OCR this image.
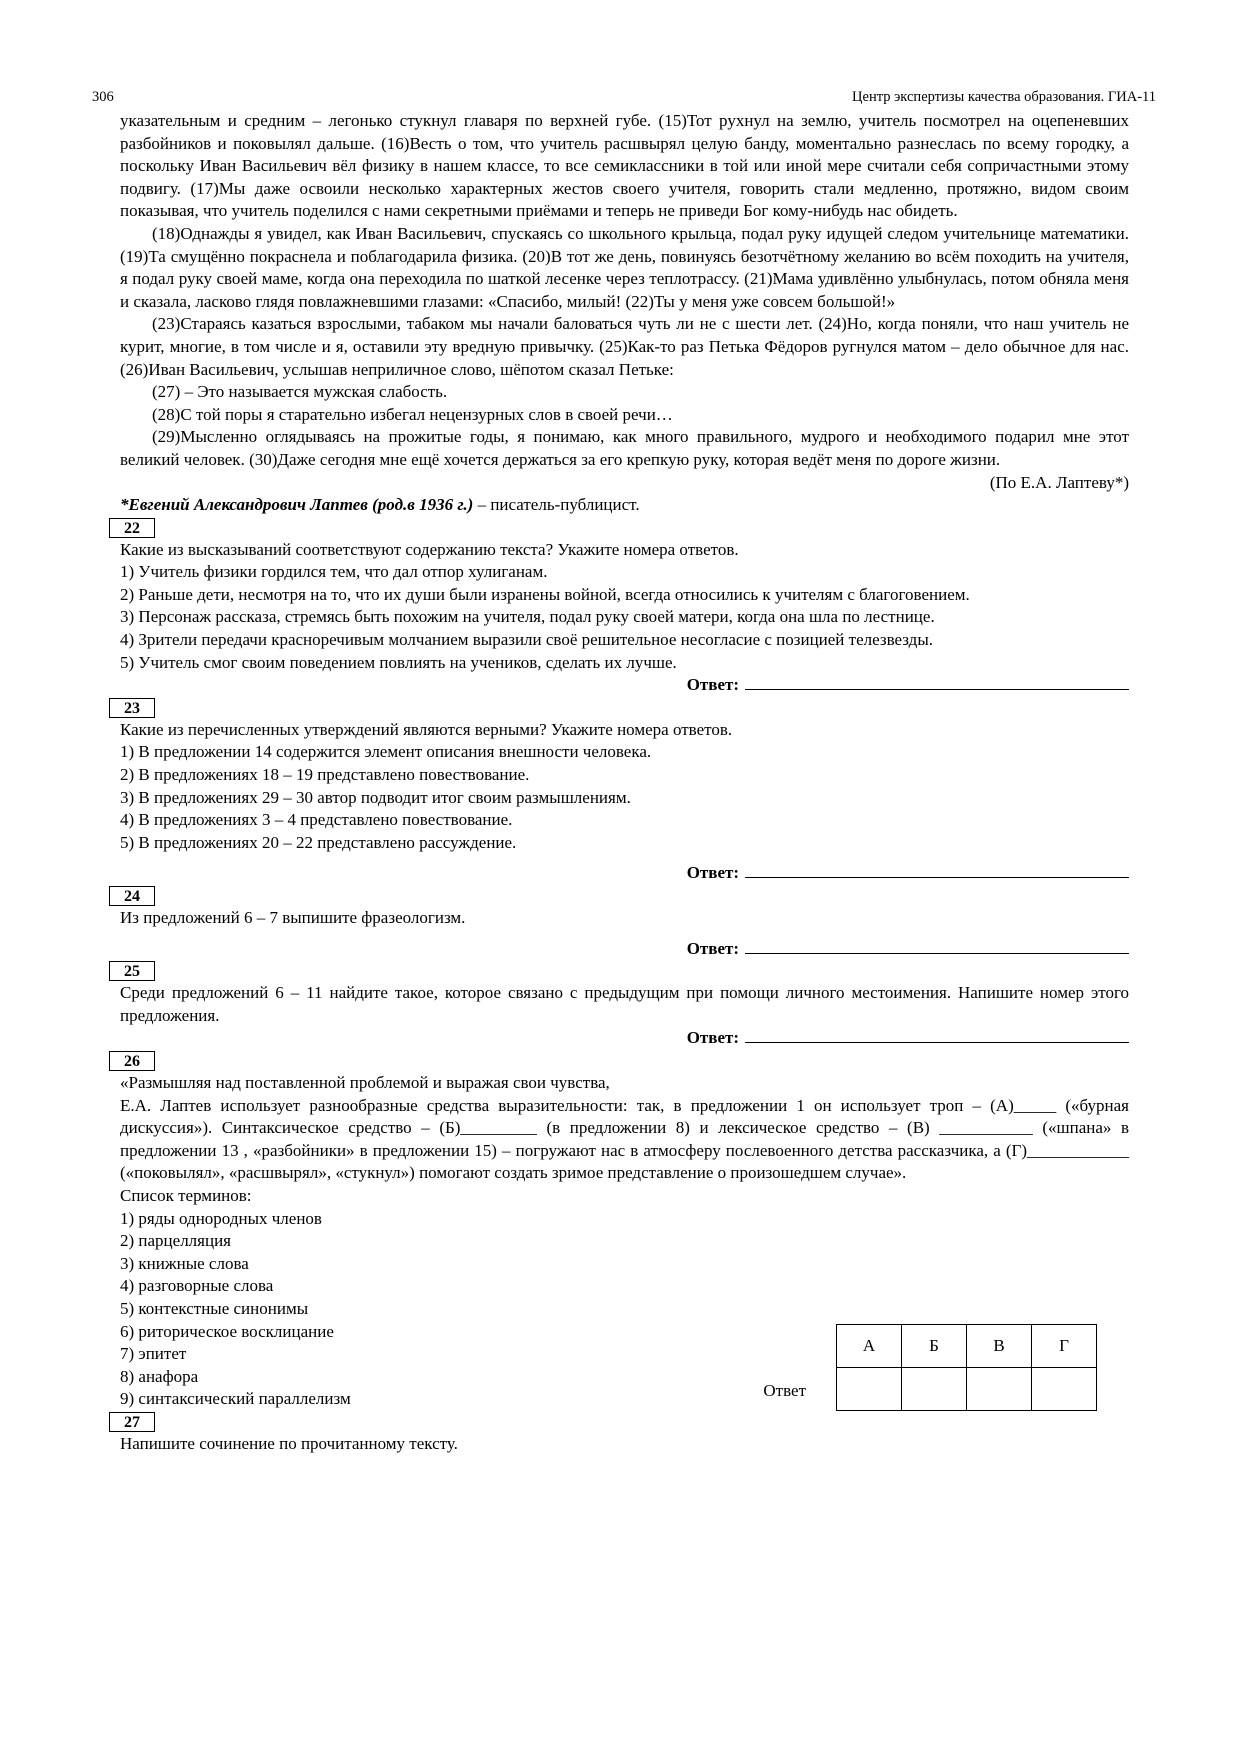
306	Центр экспертизы качества образования. ГИА-11

указательным и средним – легонько стукнул главаря по верхней губе. (15)Тот рухнул на землю, учитель посмотрел на оцепеневших разбойников и поковылял дальше. (16)Весть о том, что учитель расшвырял целую банду, моментально разнеслась по всему городку, а поскольку Иван Васильевич вёл физику в нашем классе, то все семиклассники в той или иной мере считали себя сопричастными этому подвигу. (17)Мы даже освоили несколько характерных жестов своего учителя, говорить стали медленно, протяжно, видом своим показывая, что учитель поделился с нами секретными приёмами и теперь не приведи Бог кому-нибудь нас обидеть.

(18)Однажды я увидел, как Иван Васильевич, спускаясь со школьного крыльца, подал руку идущей следом учительнице математики. (19)Та смущённо покраснела и поблагодарила физика. (20)В тот же день, повинуясь безотчётному желанию во всём походить на учителя, я подал руку своей маме, когда она переходила по шаткой лесенке через теплотрассу. (21)Мама удивлённо улыбнулась, потом обняла меня и сказала, ласково глядя повлажневшими глазами: «Спасибо, милый! (22)Ты у меня уже совсем большой!»

(23)Стараясь казаться взрослыми, табаком мы начали баловаться чуть ли не с шести лет. (24)Но, когда поняли, что наш учитель не курит, многие, в том числе и я, оставили эту вредную привычку. (25)Как-то раз Петька Фёдоров ругнулся матом – дело обычное для нас. (26)Иван Васильевич, услышав неприличное слово, шёпотом сказал Петьке:

(27) – Это называется мужская слабость.

(28)С той поры я старательно избегал нецензурных слов в своей речи…

(29)Мысленно оглядываясь на прожитые годы, я понимаю, как много правильного, мудрого и необходимого подарил мне этот великий человек. (30)Даже сегодня мне ещё хочется держаться за его крепкую руку, которая ведёт меня по дороге жизни.

(По Е.А. Лаптеву*)

*Евгений Александрович Лаптев (род.в 1936 г.) – писатель-публицист.

22

Какие из высказываний соответствуют содержанию текста? Укажите номера ответов.

1) Учитель физики гордился тем, что дал отпор хулиганам.

2) Раньше дети, несмотря на то, что их души были изранены войной, всегда относились к учителям с благоговением.

3) Персонаж рассказа, стремясь быть похожим на учителя, подал руку своей матери, когда она шла по лестнице.

4) Зрители передачи красноречивым молчанием выразили своё решительное несогласие с позицией телезвезды.

5) Учитель смог своим поведением повлиять на учеников, сделать их лучше.

Ответ:

23

Какие из перечисленных утверждений являются верными? Укажите номера ответов.

1) В предложении 14 содержится элемент описания внешности человека.

2) В предложениях 18 – 19 представлено повествование.

3) В предложениях 29 – 30 автор подводит итог своим размышлениям.

4) В предложениях 3 – 4 представлено повествование.

5) В предложениях 20 – 22 представлено рассуждение.

Ответ:

24

Из предложений 6 – 7 выпишите фразеологизм.

Ответ:

25

Среди предложений 6 – 11 найдите такое, которое связано с предыдущим при помощи личного местоимения. Напишите номер этого предложения.

Ответ:

26

«Размышляя над поставленной проблемой и выражая свои чувства,

Е.А. Лаптев использует разнообразные средства выразительности: так, в предложении 1 он использует троп – (А)_____ («бурная дискуссия»). Синтаксическое средство – (Б)_________ (в предложении 8) и лексическое средство – (В) ___________ («шпана» в предложении 13 , «разбойники» в предложении 15) – погружают нас в атмосферу послевоенного детства рассказчика, а (Г)____________ («поковылял», «расшвырял», «стукнул») помогают создать зримое представление о произошедшем случае».

Список терминов:

1) ряды однородных членов

2) парцелляция

3) книжные слова

4) разговорные слова

5) контекстные синонимы

6) риторическое восклицание

7) эпитет

8) анафора

9) синтаксический параллелизм	Ответ
А	Б	В	Г

27

Напишите сочинение по прочитанному тексту.
